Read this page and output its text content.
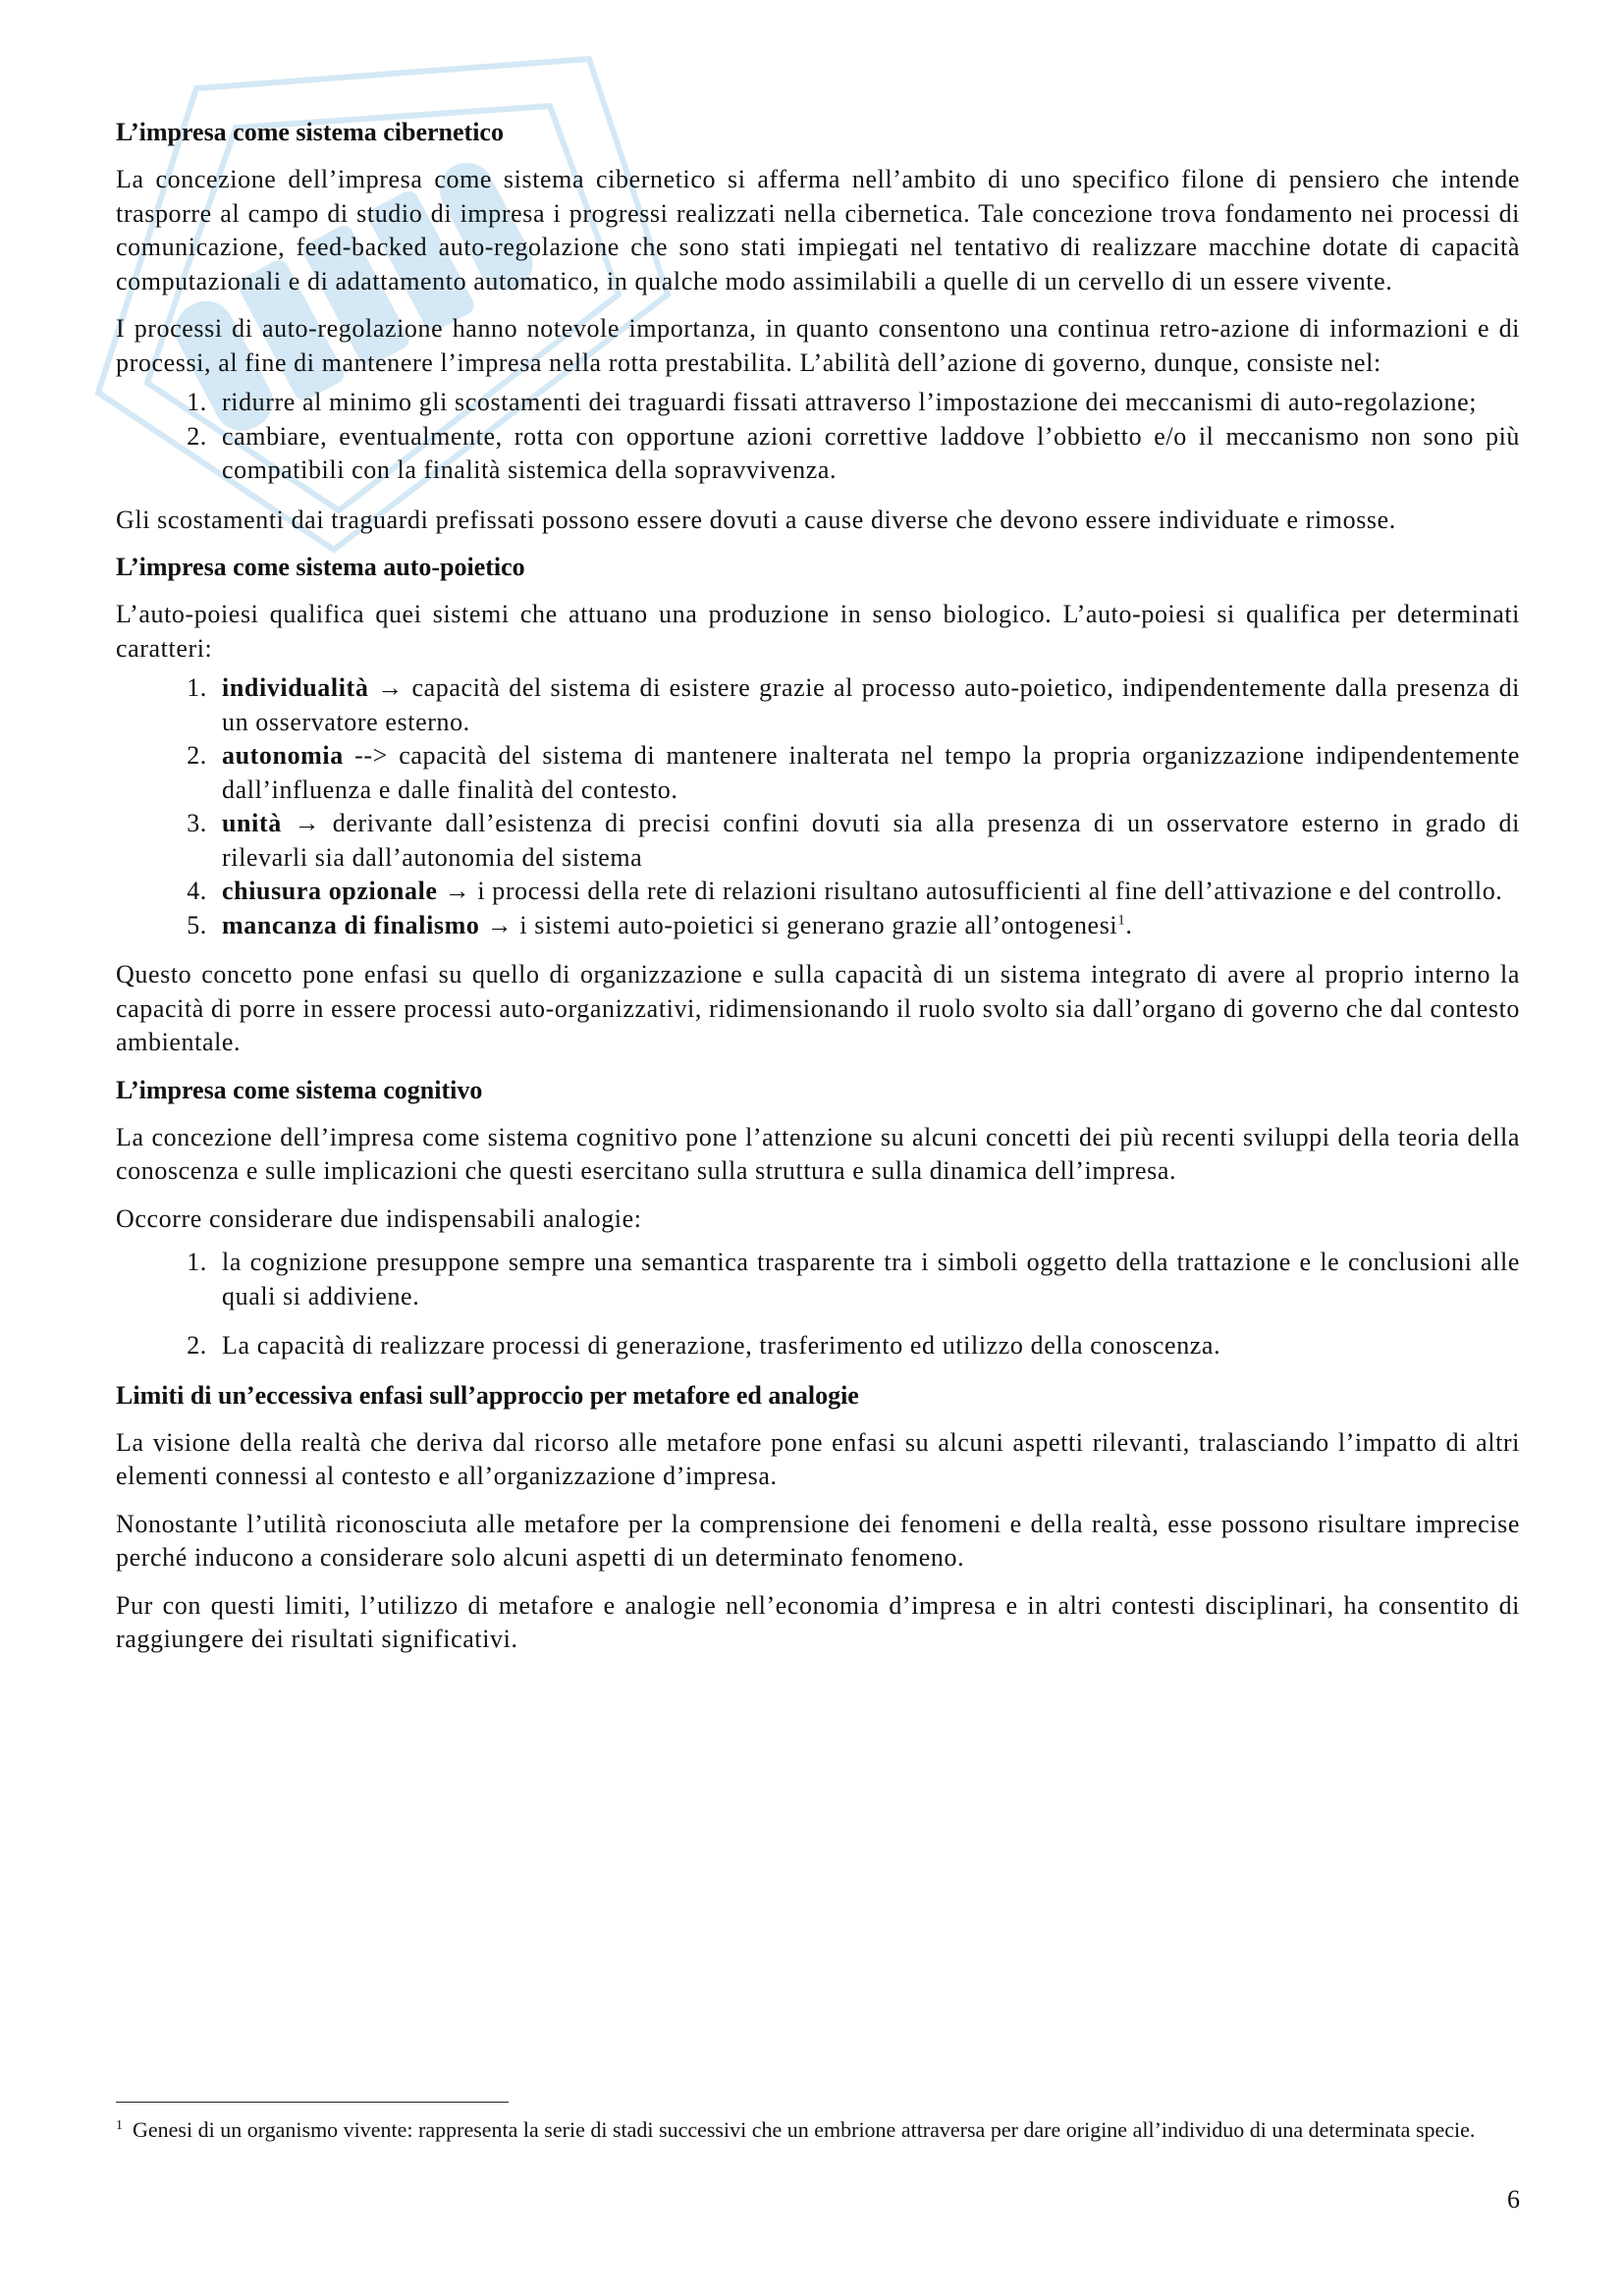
L’impresa come sistema cibernetico

La concezione dell’impresa come sistema cibernetico si afferma nell’ambito di uno specifico filone di pensiero che intende trasporre al campo di studio di impresa i progressi realizzati nella cibernetica. Tale concezione trova fondamento nei processi di comunicazione, feed-backed auto-regolazione che sono stati impiegati nel tentativo di realizzare macchine dotate di capacità computazionali e di adattamento automatico, in qualche modo assimilabili a quelle di un cervello di un essere vivente.

I processi di auto-regolazione hanno notevole importanza, in quanto consentono una continua retro-azione di informazioni e di processi, al fine di mantenere l’impresa nella rotta prestabilita. L’abilità dell’azione di governo, dunque, consiste nel:

1. ridurre al minimo gli scostamenti dei traguardi fissati attraverso l’impostazione dei meccanismi di auto-regolazione;
2. cambiare, eventualmente, rotta con opportune azioni correttive laddove l’obbietto e/o il meccanismo non sono più compatibili con la finalità sistemica della sopravvivenza.

Gli scostamenti dai traguardi prefissati possono essere dovuti a cause diverse che devono essere individuate e rimosse.

L’impresa come sistema auto-poietico

L’auto-poiesi qualifica quei sistemi che attuano una produzione in senso biologico. L’auto-poiesi si qualifica per determinati caratteri:

1. individualità → capacità del sistema di esistere grazie al processo auto-poietico, indipendentemente dalla presenza di un osservatore esterno.
2. autonomia --> capacità del sistema di mantenere inalterata nel tempo la propria organizzazione indipendentemente dall’influenza e dalle finalità del contesto.
3. unità → derivante dall’esistenza di precisi confini dovuti sia alla presenza di un osservatore esterno in grado di rilevarli sia dall’autonomia del sistema
4. chiusura opzionale → i processi della rete di relazioni risultano autosufficienti al fine dell’attivazione e del controllo.
5. mancanza di finalismo → i sistemi auto-poietici si generano grazie all’ontogenesi$^1$.

Questo concetto pone enfasi su quello di organizzazione e sulla capacità di un sistema integrato di avere al proprio interno la capacità di porre in essere processi auto-organizzativi, ridimensionando il ruolo svolto sia dall’organo di governo che dal contesto ambientale.

L’impresa come sistema cognitivo

La concezione dell’impresa come sistema cognitivo pone l’attenzione su alcuni concetti dei più recenti sviluppi della teoria della conoscenza e sulle implicazioni che questi esercitano sulla struttura e sulla dinamica dell’impresa.

Occorre considerare due indispensabili analogie:

1. la cognizione presuppone sempre una semantica trasparente tra i simboli oggetto della trattazione e le conclusioni alle quali si addiviene.
2. La capacità di realizzare processi di generazione, trasferimento ed utilizzo della conoscenza.
Limiti di un’eccessiva enfasi sull’approccio per metafore ed analogie

La visione della realtà che deriva dal ricorso alle metafore pone enfasi su alcuni aspetti rilevanti, tralasciando l’impatto di altri elementi connessi al contesto e all’organizzazione d’impresa.

Nonostante l’utilità riconosciuta alle metafore per la comprensione dei fenomeni e della realtà, esse possono risultare imprecise perché inducono a considerare solo alcuni aspetti di un determinato fenomeno.

Pur con questi limiti, l’utilizzo di metafore e analogie nell’economia d’impresa e in altri contesti disciplinari, ha consentito di raggiungere dei risultati significativi.

$^1$ Genesi di un organismo vivente: rappresenta la serie di stadi successivi che un embrione attraversa per dare origine all’individuo di una determinata specie.
6
